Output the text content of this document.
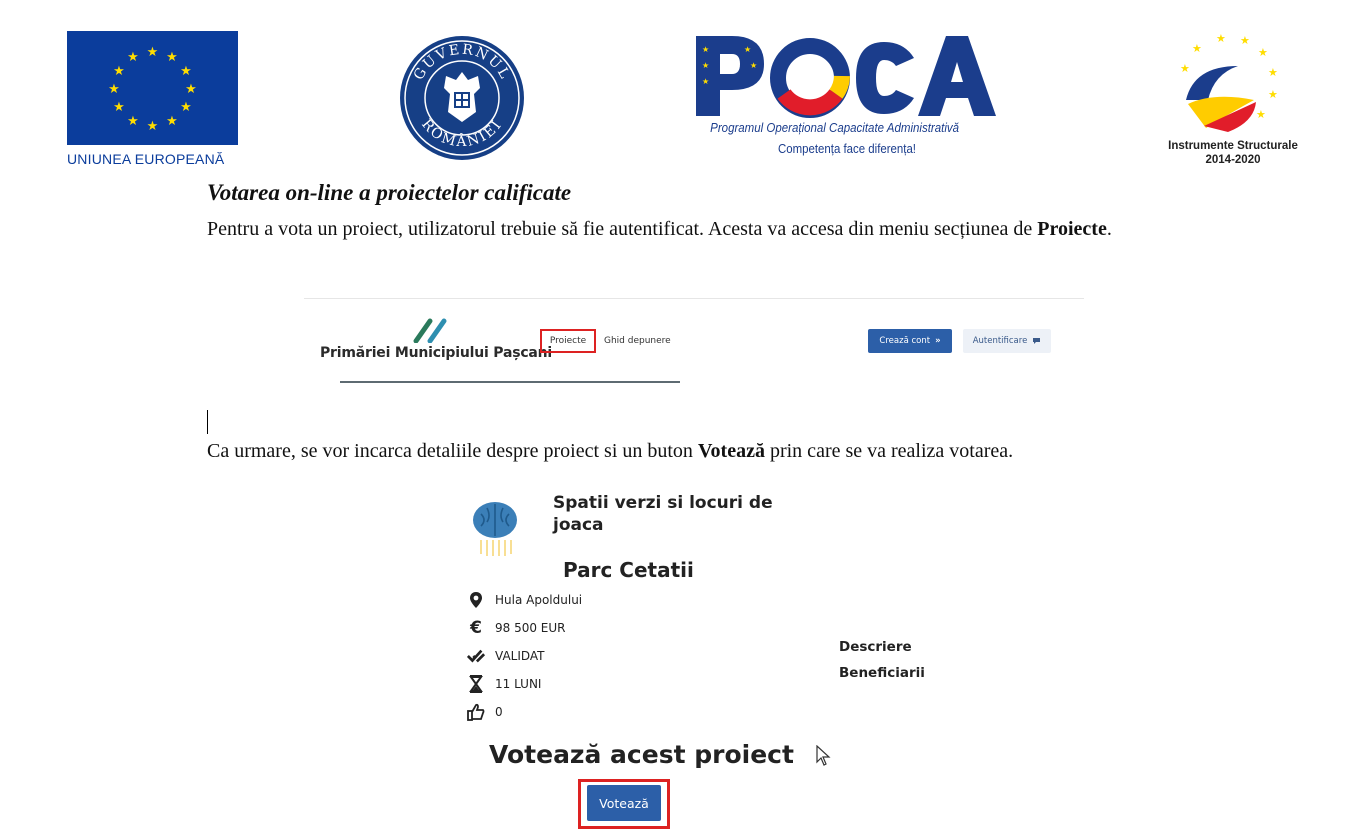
★ ★
★
★
★
★
★
★
★
★
★
★
UNIUNEA EUROPEANĂ
GUVERNUL
ROMÂNIEI
★
★
★
★
★
Programul Operațional Capacitate Administrativă
Competența face diferența!
★
★ ★
★
★
★
★
★
Instrumente Structurale
2014-2020
Votarea on-line a proiectelor calificate

Pentru a vota un proiect, utilizatorul trebuie să fie autentificat. Acesta va accesa din meniu secțiunea de Proiecte.

Primăriei Municipiului Pașcani
Proiecte Ghid depunere	Crează cont »	Autentificare

Ca urmare, se vor incarca detaliile despre proiect si un buton Votează prin care se va realiza votarea.

Spatii verzi si locuri de joaca
Parc Cetatii
Hula Apoldului
€ 98 500 EUR
VALIDAT
11 LUNI
0
Descriere
Beneficiarii
Votează acest proiect
Votează
